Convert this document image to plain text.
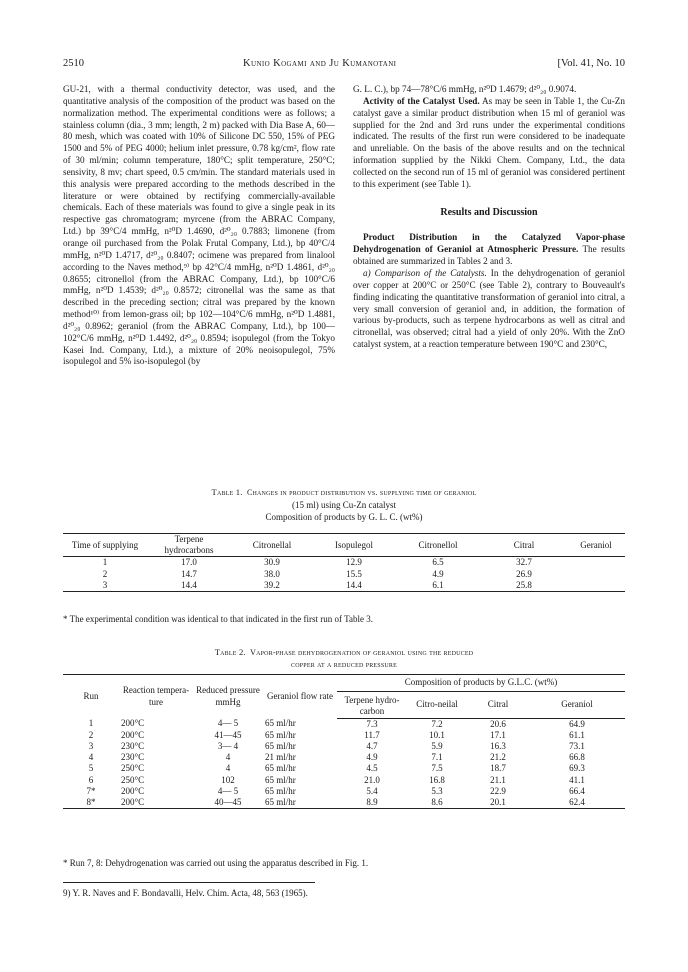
2510	Kunio Kogami and Ju Kumanotani	[Vol. 41, No. 10

GU-21, with a thermal conductivity detector, was used, and the quantitative analysis of the composition of the product was based on the normalization method. The experimental conditions were as follows; a stainless column (dia., 3 mm; length, 2 m) packed with Dia Base A, 60—80 mesh, which was coated with 10% of Silicone DC 550, 15% of PEG 1500 and 5% of PEG 4000; helium inlet pressure, 0.78 kg/cm², flow rate of 30 ml/min; column temperature, 180°C; split temperature, 250°C; sensivity, 8 mv; chart speed, 0.5 cm/min. The standard materials used in this analysis were prepared according to the methods described in the literature or were obtained by rectifying commercially-available chemicals. Each of these materials was found to give a single peak in its respective gas chromatogram; myrcene (from the ABRAC Company, Ltd.) bp 39°C/4 mmHg, n²⁰D 1.4690, d²⁰₂₀ 0.7883; limonene (from orange oil purchased from the Polak Frutal Company, Ltd.), bp 40°C/4 mmHg, n²⁰D 1.4717, d²⁰₂₀ 0.8407; ocimene was prepared from linalool according to the Naves method,⁹⁾ bp 42°C/4 mmHg, n²⁰D 1.4861, d²⁰₂₀ 0.8655; citronellol (from the ABRAC Company, Ltd.), bp 100°C/6 mmHg, n²⁰D 1.4539; d²⁰₂₀ 0.8572; citronellal was the same as that described in the preceding section; citral was prepared by the known method¹⁰⁾ from lemon-grass oil; bp 102—104°C/6 mmHg, n²⁰D 1.4881, d²⁰₂₀ 0.8962; geraniol (from the ABRAC Company, Ltd.), bp 100—102°C/6 mmHg, n²⁰D 1.4492, d²⁰₂₀ 0.8594; isopulegol (from the Tokyo Kasei Ind. Company, Ltd.), a mixture of 20% neoisopulegol, 75% isopulegol and 5% iso-isopulegol (by

G. L. C.), bp 74—78°C/6 mmHg, n²⁰D 1.4679; d²⁰₂₀ 0.9074.

Activity of the Catalyst Used. As may be seen in Table 1, the Cu-Zn catalyst gave a similar product distribution when 15 ml of geraniol was supplied for the 2nd and 3rd runs under the experimental conditions indicated. The results of the first run were considered to be inadequate and unreliable. On the basis of the above results and on the technical information supplied by the Nikki Chem. Company, Ltd., the data collected on the second run of 15 ml of geraniol was considered pertinent to this experiment (see Table 1).

Results and Discussion

Product Distribution in the Catalyzed Vapor-phase Dehydrogenation of Geraniol at Atmospheric Pressure. The results obtained are summarized in Tables 2 and 3.

a) Comparison of the Catalysts. In the dehydrogenation of geraniol over copper at 200°C or 250°C (see Table 2), contrary to Bouveault's finding indicating the quantitative transformation of geraniol into citral, a very small conversion of geraniol and, in addition, the formation of various by-products, such as terpene hydrocarbons as well as citral and citronellal, was observed; citral had a yield of only 20%. With the ZnO catalyst system, at a reaction temperature between 190°C and 230°C,

Table 1. Changes in product distribution vs. supplying time of geraniol
(15 ml) using Cu-Zn catalyst
Composition of products by G. L. C. (wt%)
Time of supplying	Terpene hydrocarbons	Citronellal	Isopulegol	Citronellol	Citral	Geraniol
1	17.0	30.9	12.9	6.5	32.7	
2	14.7	38.0	15.5	4.9	26.9	
3	14.4	39.2	14.4	6.1	25.8	
* The experimental condition was identical to that indicated in the first run of Table 3.
Table 2. Vapor-phase dehydrogenation of geraniol using the reduced
copper at a reduced pressure
Run	Reaction tempera-ture	Reduced pressure mmHg	Geraniol flow rate	Composition of products by G.L.C. (wt%)			
				Terpene hydro-carbon	Citro-neilal	Citral	Geraniol
1	200°C	4— 5	65 ml/hr	7.3	7.2	20.6	64.9
2	200°C	41—45	65 ml/hr	11.7	10.1	17.1	61.1
3	230°C	3— 4	65 ml/hr	4.7	5.9	16.3	73.1
4	230°C	4	21 ml/hr	4.9	7.1	21.2	66.8
5	250°C	4	65 ml/hr	4.5	7.5	18.7	69.3
6	250°C	102	65 ml/hr	21.0	16.8	21.1	41.1
7*	200°C	4— 5	65 ml/hr	5.4	5.3	22.9	66.4
8*	200°C	40—45	65 ml/hr	8.9	8.6	20.1	62.4
* Run 7, 8: Dehydrogenation was carried out using the apparatus described in Fig. 1.
9) Y. R. Naves and F. Bondavalli, Helv. Chim. Acta, 48, 563 (1965).
